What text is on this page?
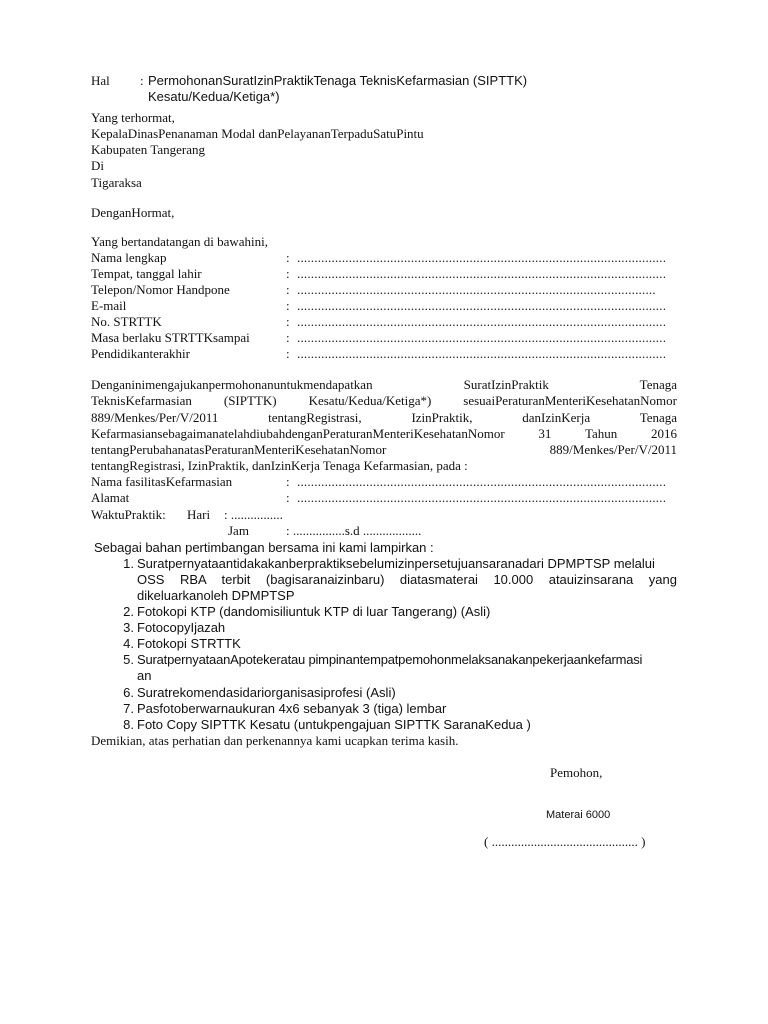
Hal : PermohonanSuratIzinPraktikTenaga TeknisKefarmasian (SIPTTK)
Kesatu/Kedua/Ketiga*)
Yang terhormat,
KepalaDinasPenanaman Modal danPelayananTerpaduSatuPintu
Kabupaten Tangerang
Di
Tigaraksa
DenganHormat,
Yang bertandatangan di bawahini,
Nama lengkap	: ...........................................................................................................
Tempat, tanggal lahir	: ...........................................................................................................
Telepon/Nomor Handpone	: ........................................................................................................
E-mail	: ...........................................................................................................
No. STRTTK	: ...........................................................................................................
Masa berlaku STRTTKsampai	: ...........................................................................................................
Pendidikanterakhir	: ...........................................................................................................
Denganinimengajukanpermohonanuntukmendapatkan	SuratIzinPraktik	Tenaga
TeknisKefarmasian (SIPTTK) Kesatu/Kedua/Ketiga*) sesuaiPeraturanMenteriKesehatanNomor
889/Menkes/Per/V/2011	tentangRegistrasi,	IzinPraktik,	danIzinKerja	Tenaga
KefarmasiansebagaimanatelahdiubahdenganPeraturanMenteriKesehatanNomor	31	Tahun	2016
tentangPerubahanatasPeraturanMenteriKesehatanNomor	889/Menkes/Per/V/2011
tentangRegistrasi, IzinPraktik, danIzinKerja Tenaga Kefarmasian, pada :
Nama fasilitasKefarmasian	: ...........................................................................................................
Alamat	: ...........................................................................................................
WaktuPraktik: Hari : ................
Jam	: ................s.d ..................
Sebagai bahan pertimbangan bersama ini kami lampirkan :
1. Suratpernyataantidakakanberpraktiksebelumizinpersetujuansaranadari DPMPTSP melalui
OSS RBA terbit (bagisaranaizinbaru) diatasmaterai 10.000 atauizinsarana yang
dikeluarkanoleh DPMPTSP
2. Fotokopi KTP (dandomisiliuntuk KTP di luar Tangerang) (Asli)
3. FotocopyIjazah
4. Fotokopi STRTTK
5. SuratpernyataanApotekeratau pimpinantempatpemohonmelaksanakanpekerjaankefarmasi
an
6. Suratrekomendasidariorganisasiprofesi (Asli)
7. Pasfotoberwarnaukuran 4x6 sebanyak 3 (tiga) lembar
8. Foto Copy SIPTTK Kesatu (untukpengajuan SIPTTK SaranaKedua )
Demikian, atas perhatian dan perkenannya kami ucapkan terima kasih.
Pemohon,
Materai 6000
( ............................................. )
